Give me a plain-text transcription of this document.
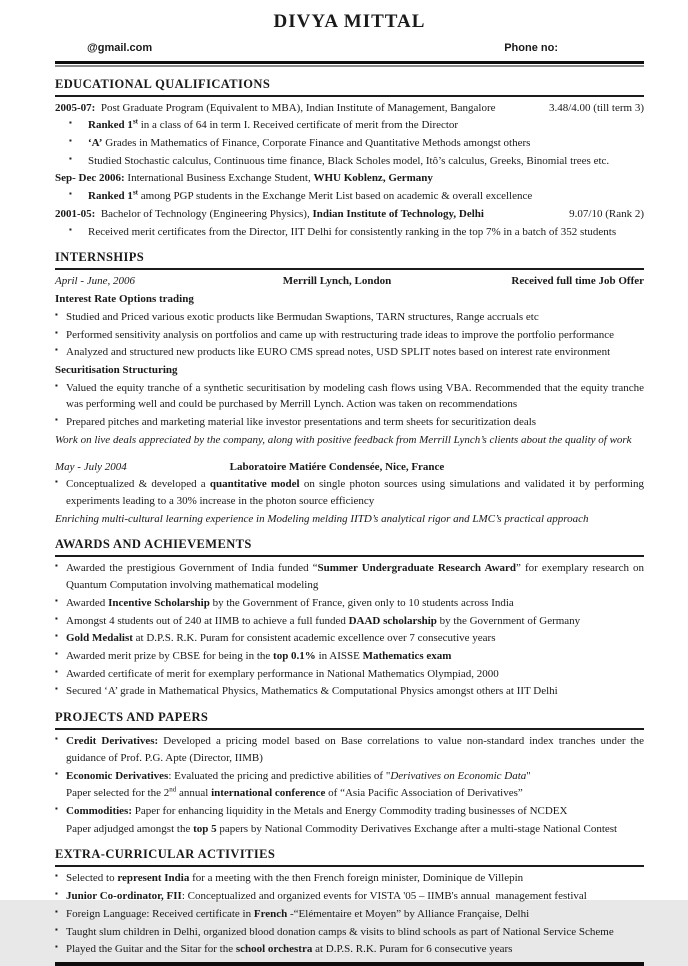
DIVYA MITTAL
@gmail.com	Phone no:
EDUCATIONAL QUALIFICATIONS
2005-07:  Post Graduate Program (Equivalent to MBA), Indian Institute of Management, Bangalore	3.48/4.00 (till term 3)
▪	Ranked 1st in a class of 64 in term I. Received certificate of merit from the Director
▪	‘A’ Grades in Mathematics of Finance, Corporate Finance and Quantitative Methods amongst others
▪	Studied Stochastic calculus, Continuous time finance, Black Scholes model, Itô’s calculus, Greeks, Binomial trees etc.
Sep- Dec 2006: International Business Exchange Student, WHU Koblenz, Germany
▪	Ranked 1st among PGP students in the Exchange Merit List based on academic & overall excellence
2001-05:  Bachelor of Technology (Engineering Physics), Indian Institute of Technology, Delhi	9.07/10 (Rank 2)
▪	Received merit certificates from the Director, IIT Delhi for consistently ranking in the top 7% in a batch of 352 students
INTERNSHIPS
April - June, 2006	Merrill Lynch, London	Received full time Job Offer
Interest Rate Options trading
▪ Studied and Priced various exotic products like Bermudan Swaptions, TARN structures, Range accruals etc
▪ Performed sensitivity analysis on portfolios and came up with restructuring trade ideas to improve the portfolio performance
▪ Analyzed and structured new products like EURO CMS spread notes, USD SPLIT notes based on interest rate environment
Securitisation Structuring
▪ Valued the equity tranche of a synthetic securitisation by modeling cash flows using VBA. Recommended that the equity tranche was performing well and could be purchased by Merrill Lynch. Action was taken on recommendations
▪ Prepared pitches and marketing material like investor presentations and term sheets for securitization deals
Work on live deals appreciated by the company, along with positive feedback from Merrill Lynch’s clients about the quality of work
May - July 2004	Laboratoire Matiére Condensée, Nice, France
▪ Conceptualized & developed a quantitative model on single photon sources using simulations and validated it by performing experiments leading to a 30% increase in the photon source efficiency
Enriching multi-cultural learning experience in Modeling melding IITD’s analytical rigor and LMC’s practical approach
AWARDS AND ACHIEVEMENTS
▪ Awarded the prestigious Government of India funded “Summer Undergraduate Research Award” for exemplary research on Quantum Computation involving mathematical modeling
▪ Awarded Incentive Scholarship by the Government of France, given only to 10 students across India
▪ Amongst 4 students out of 240 at IIMB to achieve a full funded DAAD scholarship by the Government of Germany
▪ Gold Medalist at D.P.S. R.K. Puram for consistent academic excellence over 7 consecutive years
▪ Awarded merit prize by CBSE for being in the top 0.1% in AISSE Mathematics exam
▪ Awarded certificate of merit for exemplary performance in National Mathematics Olympiad, 2000
▪ Secured ‘A’ grade in Mathematical Physics, Mathematics & Computational Physics amongst others at IIT Delhi
PROJECTS AND PAPERS
▪ Credit Derivatives: Developed a pricing model based on Base correlations to value non-standard index tranches under the guidance of Prof. P.G. Apte (Director, IIMB)
▪ Economic Derivatives: Evaluated the pricing and predictive abilities of "Derivatives on Economic Data"
Paper selected for the 2nd annual international conference of “Asia Pacific Association of Derivatives”
▪ Commodities: Paper for enhancing liquidity in the Metals and Energy Commodity trading businesses of NCDEX
Paper adjudged amongst the top 5 papers by National Commodity Derivatives Exchange after a multi-stage National Contest
EXTRA-CURRICULAR ACTIVITIES
▪ Selected to represent India for a meeting with the then French foreign minister, Dominique de Villepin
▪ Junior Co-ordinator, FII: Conceptualized and organized events for VISTA '05 – IIMB's annual  management festival
▪ Foreign Language: Received certificate in French -“Elémentaire et Moyen” by Alliance Française, Delhi
▪ Taught slum children in Delhi, organized blood donation camps & visits to blind schools as part of National Service Scheme
▪ Played the Guitar and the Sitar for the school orchestra at D.P.S. R.K. Puram for 6 consecutive years
